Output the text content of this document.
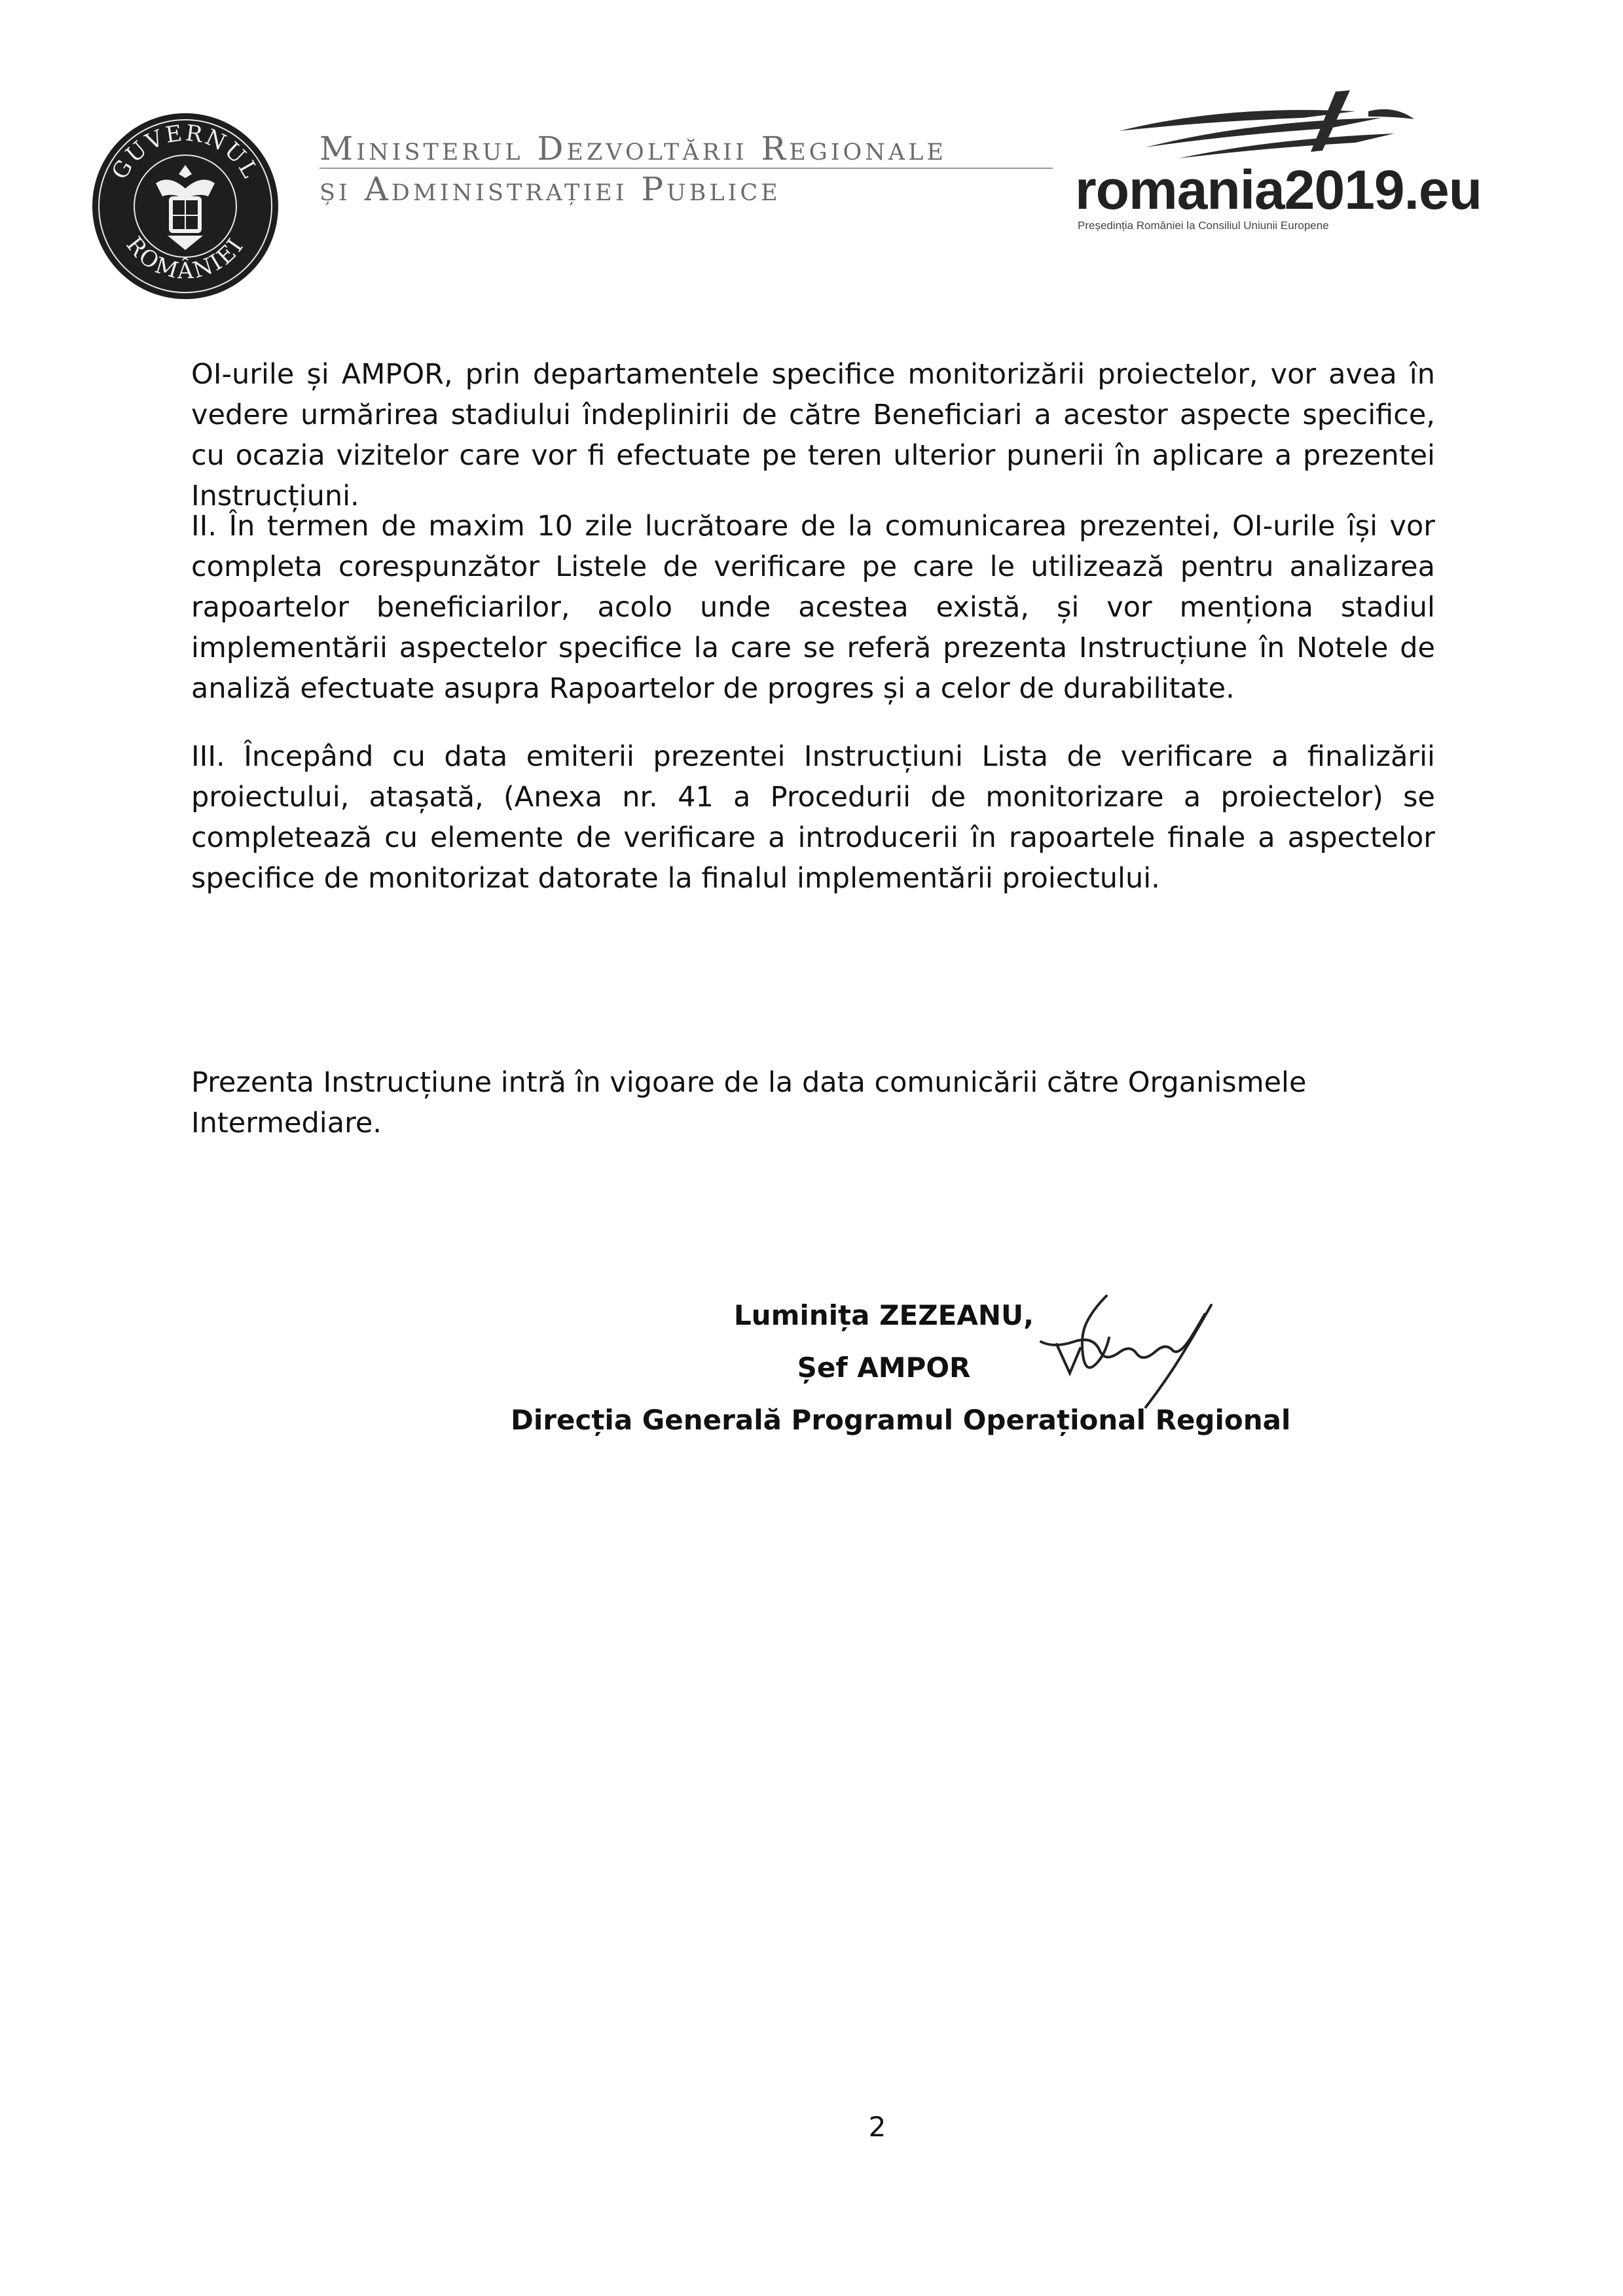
GUVERNUL
ROMÂNIEI
Ministerul Dezvoltării Regionale
și Administrației Publice	romania2019.eu
Președinția României la Consiliul Uniunii Europene

OI-urile și AMPOR, prin departamentele specifice monitorizării proiectelor, vor avea în vedere urmărirea stadiului îndeplinirii de către Beneficiari a acestor aspecte specifice, cu ocazia vizitelor care vor fi efectuate pe teren ulterior punerii în aplicare a prezentei Instrucțiuni.

II. În termen de maxim 10 zile lucrătoare de la comunicarea prezentei, OI-urile își vor completa corespunzător Listele de verificare pe care le utilizează pentru analizarea rapoartelor beneficiarilor, acolo unde acestea există, și vor menționa stadiul implementării aspectelor specifice la care se referă prezenta Instrucțiune în Notele de analiză efectuate asupra Rapoartelor de progres și a celor de durabilitate.

III. Începând cu data emiterii prezentei Instrucțiuni Lista de verificare a finalizării proiectului, atașată, (Anexa nr. 41 a Procedurii de monitorizare a proiectelor) se completează cu elemente de verificare a introducerii în rapoartele finale a aspectelor specifice de monitorizat datorate la finalul implementării proiectului.

Prezenta Instrucțiune intră în vigoare de la data comunicării către Organismele Intermediare.

Luminița ZEZEANU,
Șef AMPOR
Direcția Generală Programul Operațional Regional
2
